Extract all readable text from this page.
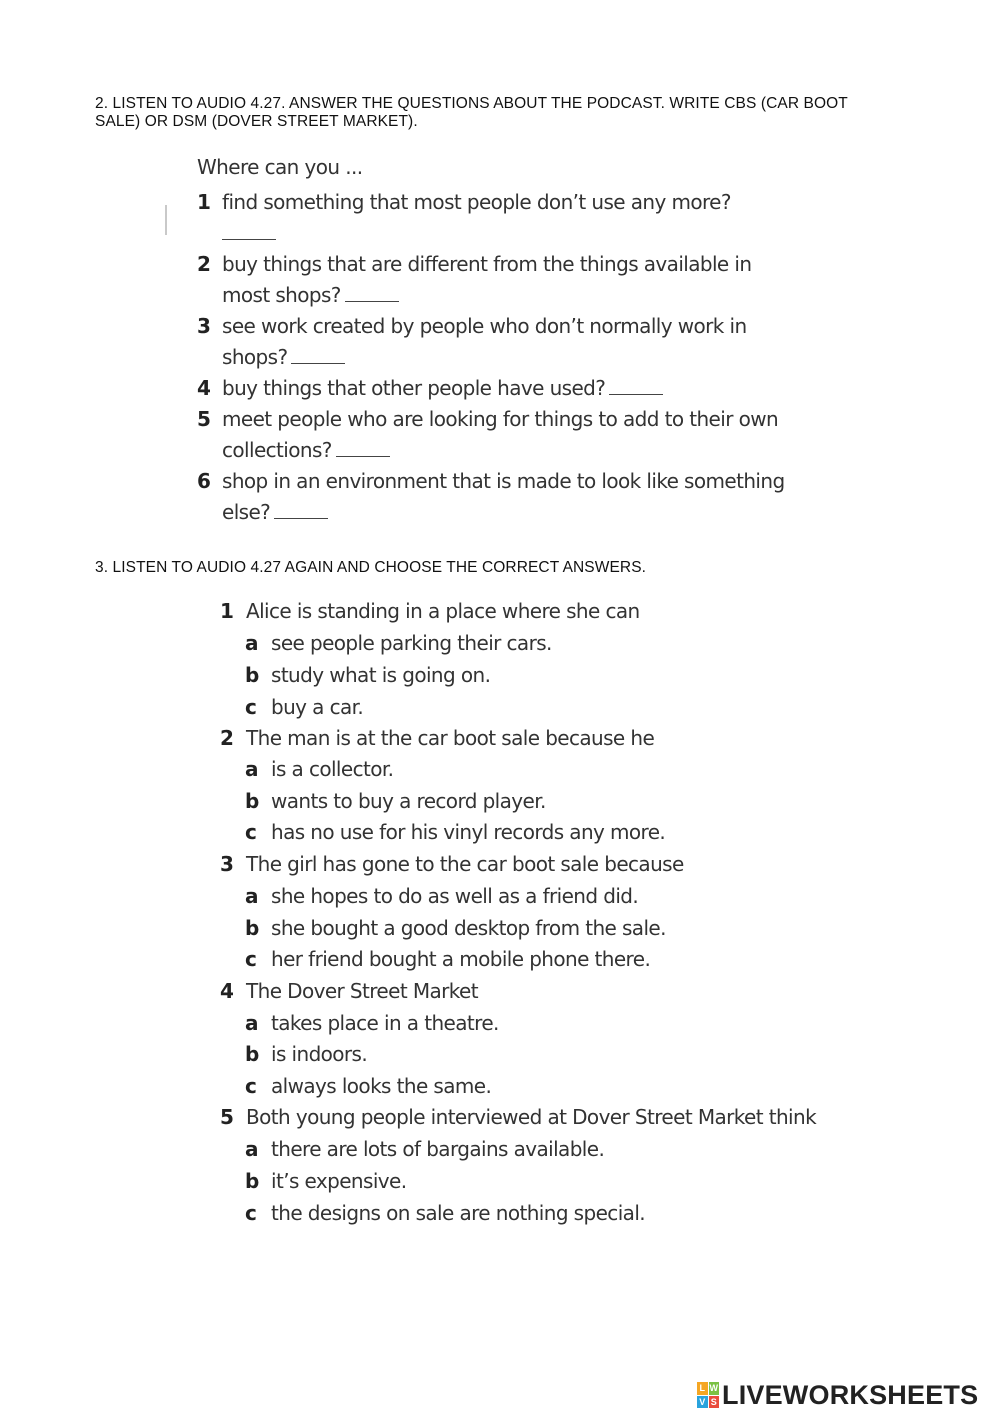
2. LISTEN TO AUDIO 4.27. ANSWER THE QUESTIONS ABOUT THE PODCAST. WRITE CBS (CAR BOOT SALE) OR DSM (DOVER STREET MARKET).
Where can you ...
1 find something that most people don’t use any more?

2 buy things that are different from the things available in
most shops?
3 see work created by people who don’t normally work in
shops?
4 buy things that other people have used?
5 meet people who are looking for things to add to their own
collections?
6 shop in an environment that is made to look like something
else?
3. LISTEN TO AUDIO 4.27 AGAIN AND CHOOSE THE CORRECT ANSWERS.
1 Alice is standing in a place where she can
a see people parking their cars.
b study what is going on.
c buy a car.
2 The man is at the car boot sale because he
a is a collector.
b wants to buy a record player.
c has no use for his vinyl records any more.
3 The girl has gone to the car boot sale because
a she hopes to do as well as a friend did.
b she bought a good desktop from the sale.
c her friend bought a mobile phone there.
4 The Dover Street Market
a takes place in a theatre.
b is indoors.
c always looks the same.
5 Both young people interviewed at Dover Street Market think
a there are lots of bargains available.
b it’s expensive.
c the designs on sale are nothing special.
L W
V S LIVEWORKSHEETS
